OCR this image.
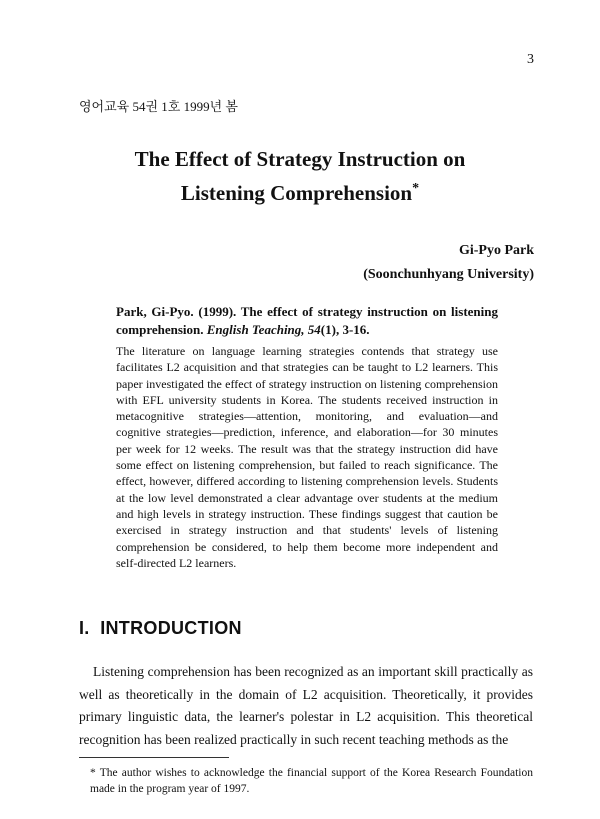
3
영어교육 54권 1호 1999년 봄
The Effect of Strategy Instruction on
Listening Comprehension*
Gi-Pyo Park
(Soonchunhyang University)

Park, Gi-Pyo. (1999). The effect of strategy instruction on listening comprehension. English Teaching, 54(1), 3-16.

The literature on language learning strategies contends that strategy use facilitates L2 acquisition and that strategies can be taught to L2 learners. This paper investigated the effect of strategy instruction on listening comprehension with EFL university students in Korea. The students received instruction in metacognitive strategies—attention, monitoring, and evaluation—and cognitive strategies—prediction, inference, and elaboration—for 30 minutes per week for 12 weeks. The result was that the strategy instruction did have some effect on listening comprehension, but failed to reach significance. The effect, however, differed according to listening comprehension levels. Students at the low level demonstrated a clear advantage over students at the medium and high levels in strategy instruction. These findings suggest that caution be exercised in strategy instruction and that students' levels of listening comprehension be considered, to help them become more independent and self-directed L2 learners.

I.  INTRODUCTION

Listening comprehension has been recognized as an important skill practically as well as theoretically in the domain of L2 acquisition. Theoretically, it provides primary linguistic data, the learner's polestar in L2 acquisition. This theoretical recognition has been realized practically in such recent teaching methods as the

* The author wishes to acknowledge the financial support of the Korea Research Foundation made in the program year of 1997.
